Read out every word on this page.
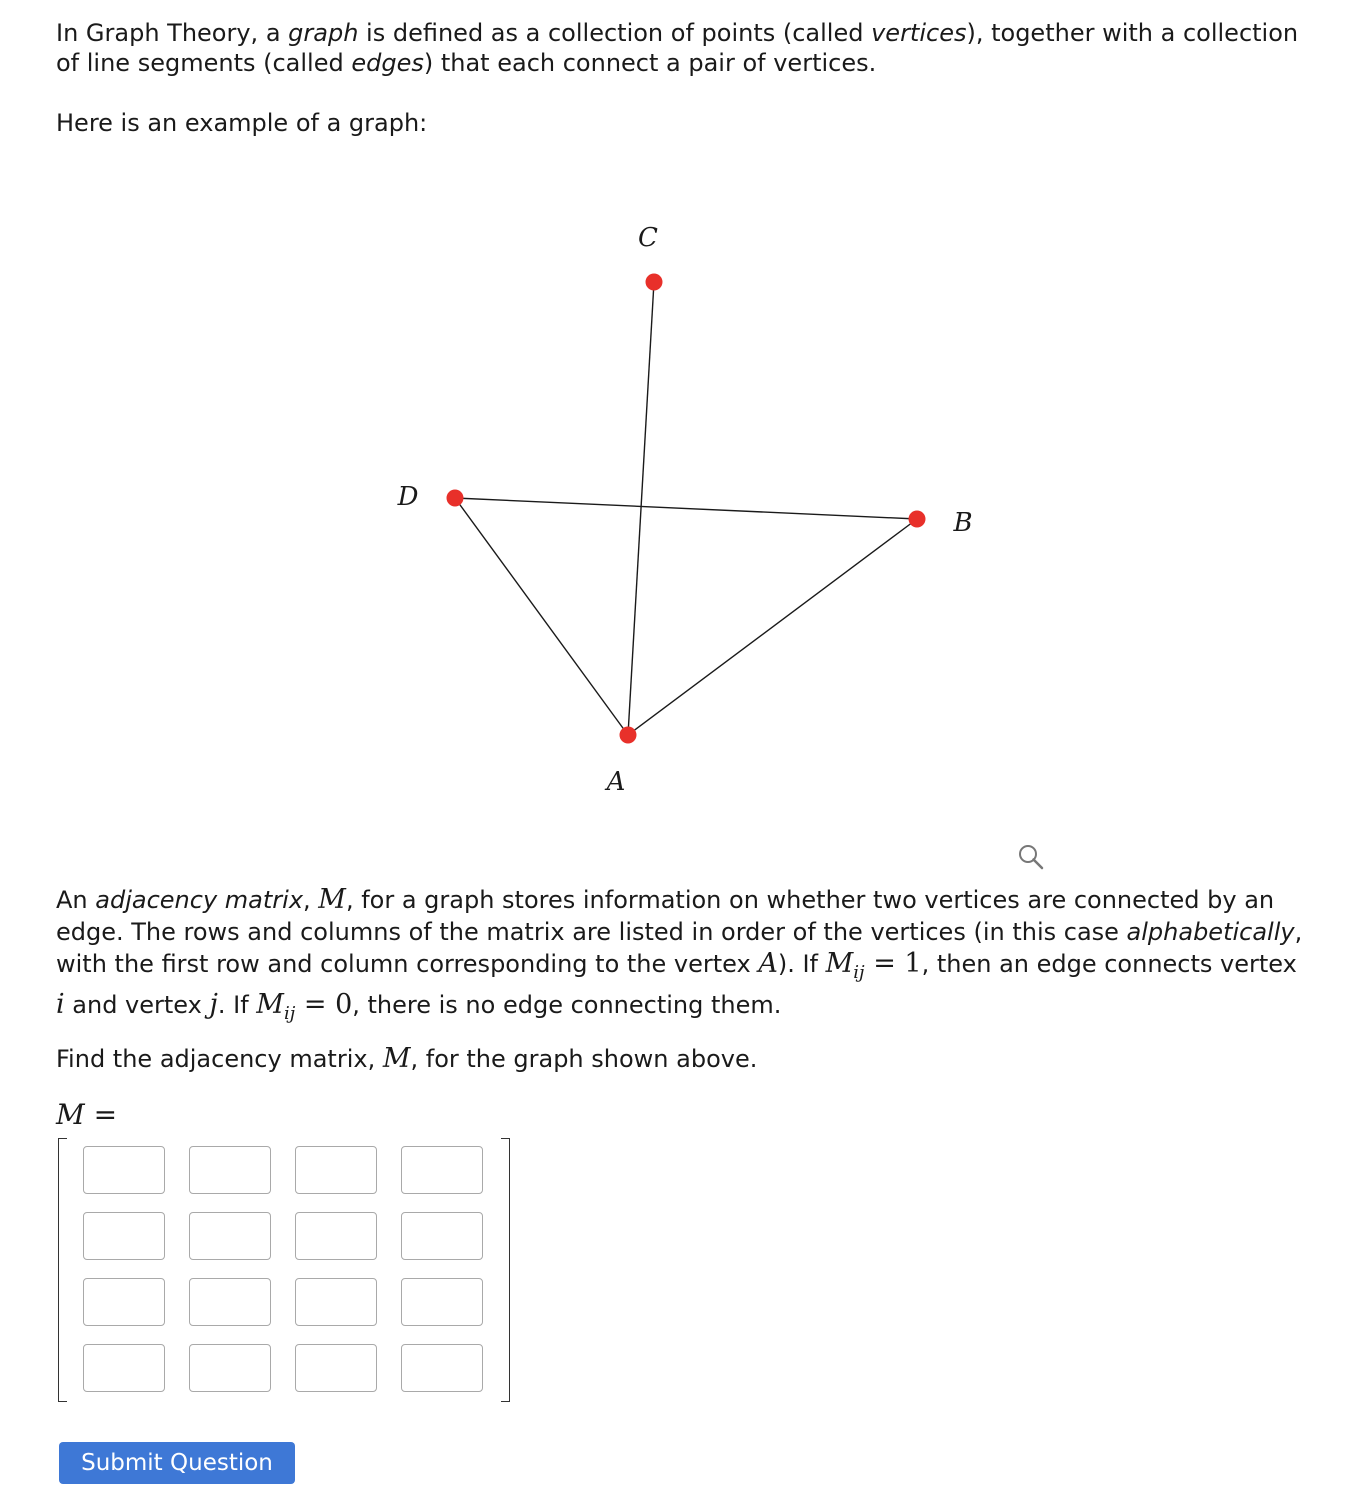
In Graph Theory, a graph is defined as a collection of points (called vertices), together with a collection of line segments (called edges) that each connect a pair of vertices.

Here is an example of a graph:

A
B
C
D

An adjacency matrix, M, for a graph stores information on whether two vertices are connected by an edge. The rows and columns of the matrix are listed in order of the vertices (in this case alphabetically, with the first row and column corresponding to the vertex A). If $M_{ij} = 1$, then an edge connects vertex i and vertex j. If $M_{ij} = 0$, there is no edge connecting them.

Find the adjacency matrix, M, for the graph shown above.

M =
Submit Question
